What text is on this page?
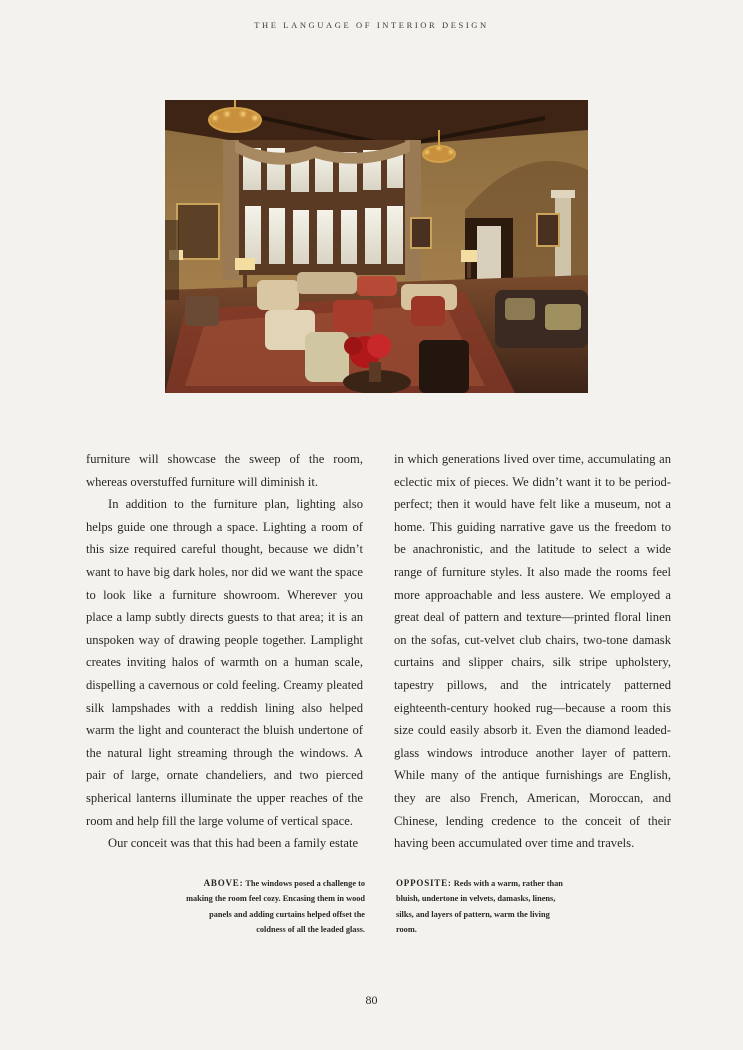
THE LANGUAGE OF INTERIOR DESIGN

furniture will showcase the sweep of the room, whereas overstuffed furniture will diminish it.

In addition to the furniture plan, lighting also helps guide one through a space. Lighting a room of this size required careful thought, because we didn’t want to have big dark holes, nor did we want the space to look like a furniture showroom. Wherever you place a lamp subtly directs guests to that area; it is an unspoken way of drawing people together. Lamplight creates inviting halos of warmth on a human scale, dispelling a cavernous or cold feeling. Creamy pleated silk lampshades with a reddish lining also helped warm the light and counteract the bluish undertone of the natural light streaming through the windows. A pair of large, ornate chandeliers, and two pierced spherical lanterns illuminate the upper reaches of the room and help fill the large volume of vertical space.

Our conceit was that this had been a family estate

in which generations lived over time, accumulating an eclectic mix of pieces. We didn’t want it to be period-perfect; then it would have felt like a museum, not a home. This guiding narrative gave us the freedom to be anachronistic, and the latitude to select a wide range of furniture styles. It also made the rooms feel more approachable and less austere. We employed a great deal of pattern and texture—printed floral linen on the sofas, cut-velvet club chairs, two-tone damask curtains and slipper chairs, silk stripe upholstery, tapestry pillows, and the intricately patterned eighteenth-century hooked rug—because a room this size could easily absorb it. Even the diamond leaded-glass windows introduce another layer of pattern. While many of the antique furnishings are English, they are also French, American, Moroccan, and Chinese, lending credence to the conceit of their having been accumulated over time and travels.

ABOVE: The windows posed a challenge to making the room feel cozy. Encasing them in wood panels and adding curtains helped offset the coldness of all the leaded glass.
OPPOSITE: Reds with a warm, rather than bluish, undertone in velvets, damasks, linens, silks, and layers of pattern, warm the living room.
80
